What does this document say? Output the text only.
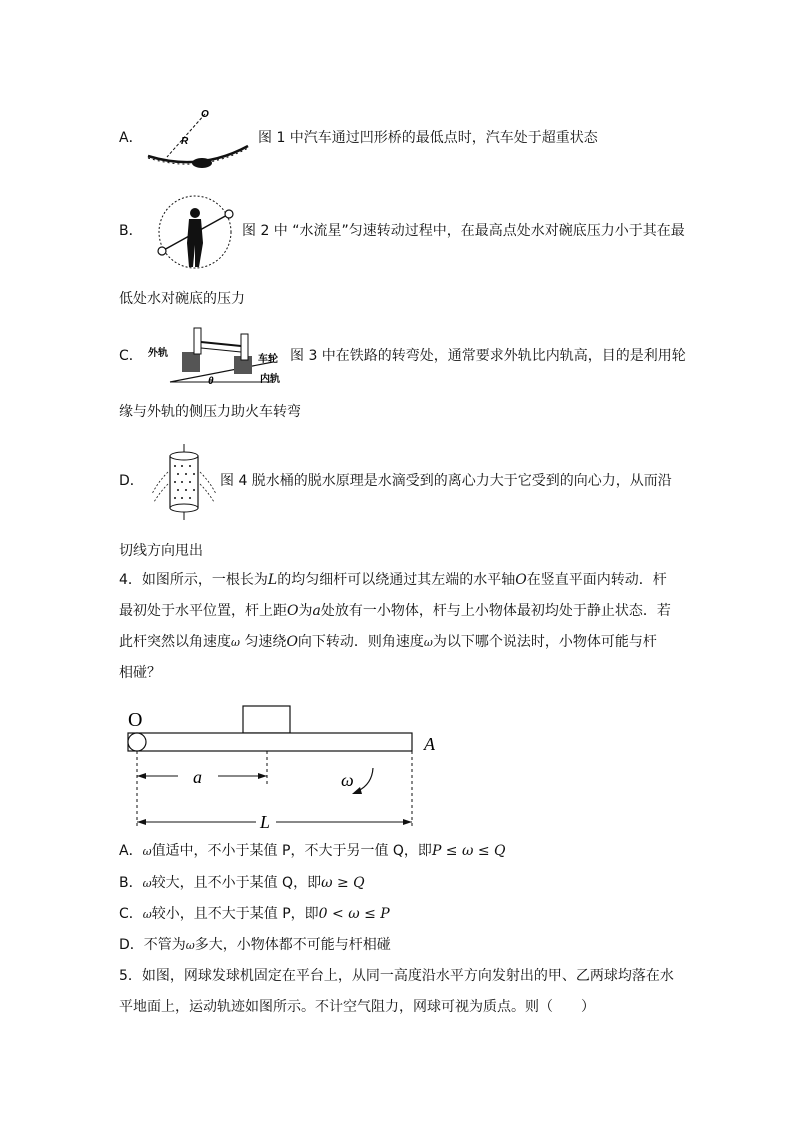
A．
O
R	图 1 中汽车通过凹形桥的最低点时，汽车处于超重状态
B．	图 2 中 “水流星”匀速转动过程中，在最高点处水对碗底压力小于其在最
低处水对碗底的压力
C． 外轨
车轮
内轨
θ
图 3 中在铁路的转弯处，通常要求外轨比内轨高，目的是利用轮
缘与外轨的侧压力助火车转弯
D．	图 4 脱水桶的脱水原理是水滴受到的离心力大于它受到的向心力，从而沿
切线方向甩出
4．如图所示，一根长为L的均匀细杆可以绕通过其左端的水平轴O在竖直平面内转动．杆
最初处于水平位置，杆上距O为a处放有一小物体，杆与上小物体最初均处于静止状态．若
此杆突然以角速度ω 匀速绕O向下转动．则角速度ω为以下哪个说法时，小物体可能与杆
相碰？
O
A
a	ω
L
A．ω值适中，不小于某值 P，不大于另一值 Q，即P ≤ ω ≤ Q
B．ω较大，且不小于某值 Q，即ω ≥ Q
C．ω较小，且不大于某值 P，即0 < ω ≤ P
D．不管为ω多大，小物体都不可能与杆相碰
5．如图，网球发球机固定在平台上，从同一高度沿水平方向发射出的甲、乙两球均落在水
平地面上，运动轨迹如图所示。不计空气阻力，网球可视为质点。则（　　）
